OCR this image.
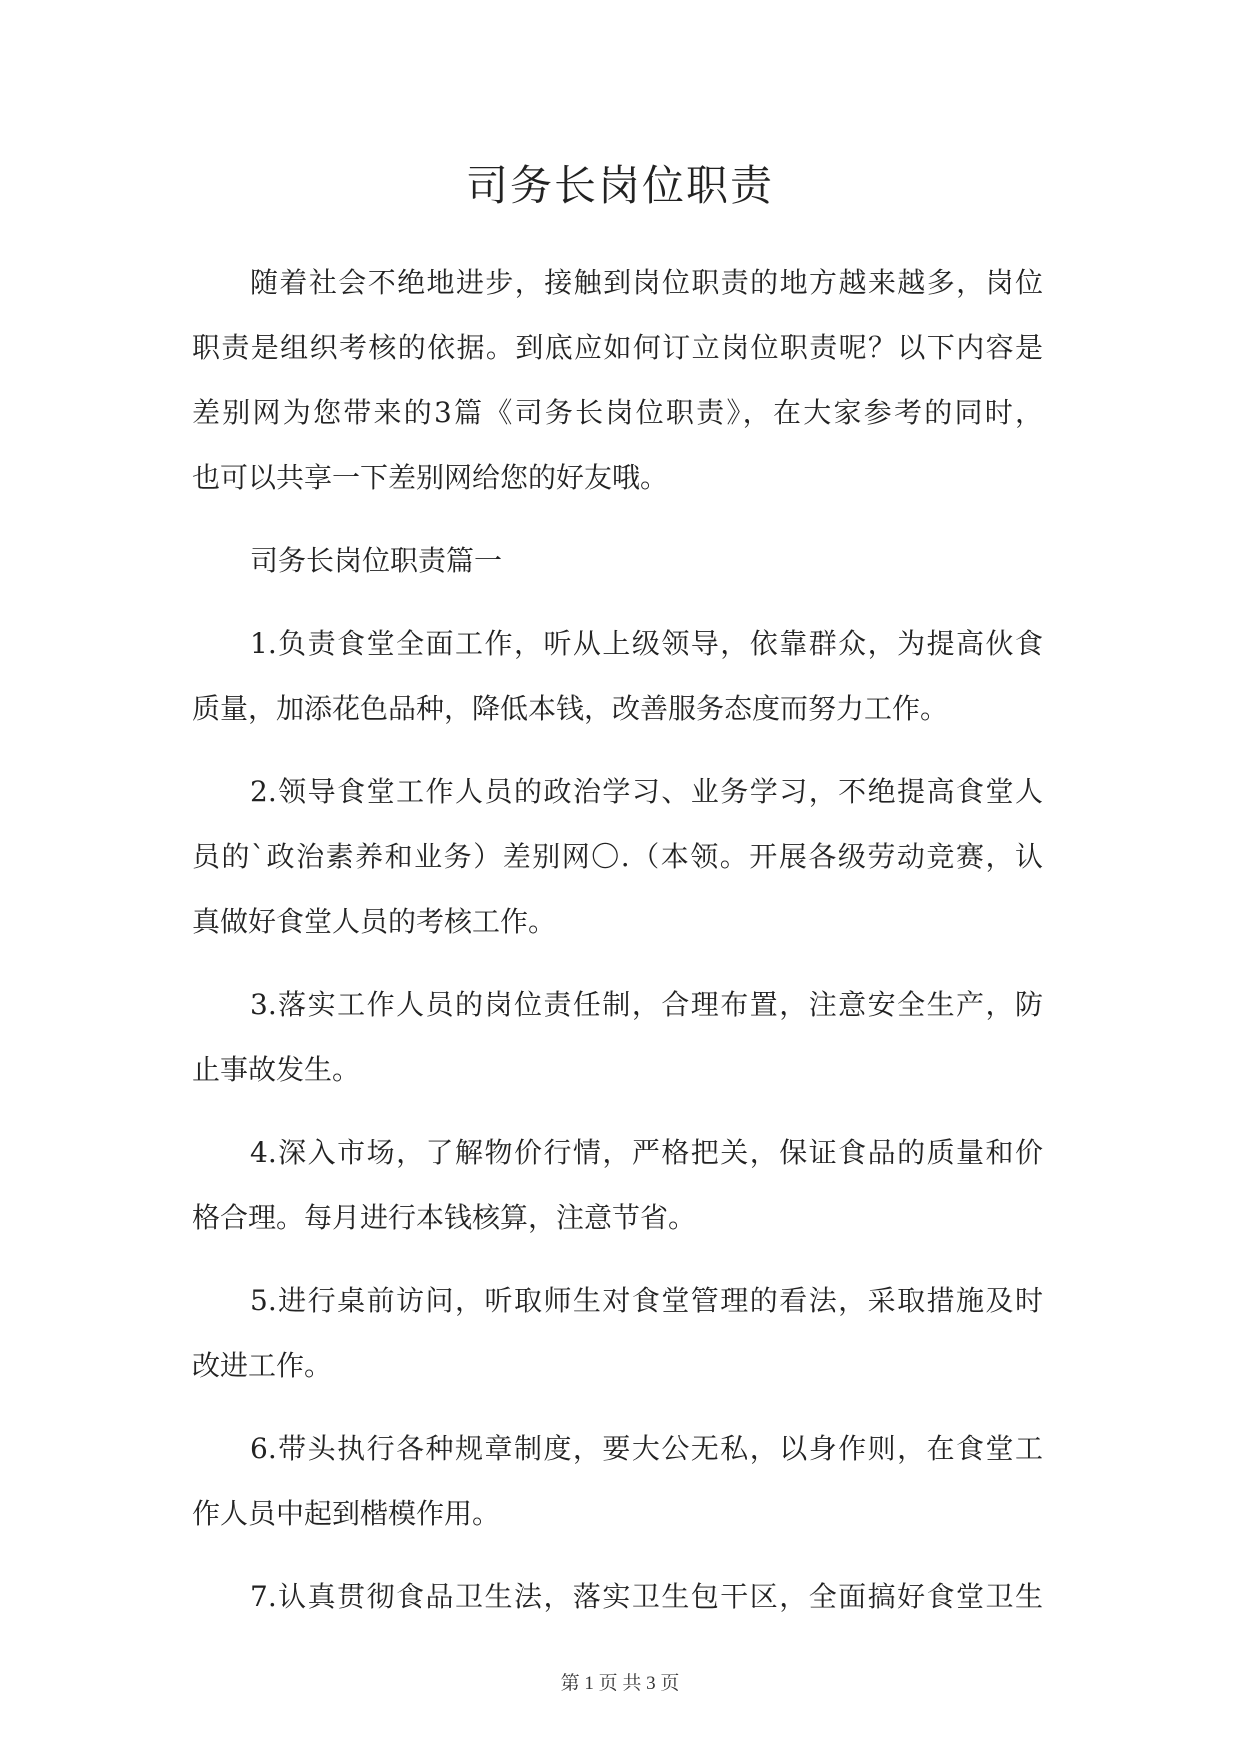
司务长岗位职责
随着社会不绝地进步，接触到岗位职责的地方越来越多，岗位
职责是组织考核的依据。到底应如何订立岗位职责呢？以下内容是
差别网为您带来的3篇《司务长岗位职责》，在大家参考的同时，
也可以共享一下差别网给您的好友哦。
司务长岗位职责篇一
1.负责食堂全面工作，听从上级领导，依靠群众，为提高伙食
质量，加添花色品种，降低本钱，改善服务态度而努力工作。
2.领导食堂工作人员的政治学习、业务学习，不绝提高食堂人
员的`政治素养和业务）差别网〇.（本领。开展各级劳动竞赛，认
真做好食堂人员的考核工作。
3.落实工作人员的岗位责任制，合理布置，注意安全生产，防
止事故发生。
4.深入市场，了解物价行情，严格把关，保证食品的质量和价
格合理。每月进行本钱核算，注意节省。
5.进行桌前访问，听取师生对食堂管理的看法，采取措施及时
改进工作。
6.带头执行各种规章制度，要大公无私，以身作则，在食堂工
作人员中起到楷模作用。
7.认真贯彻食品卫生法，落实卫生包干区，全面搞好食堂卫生
第 1 页 共 3 页
